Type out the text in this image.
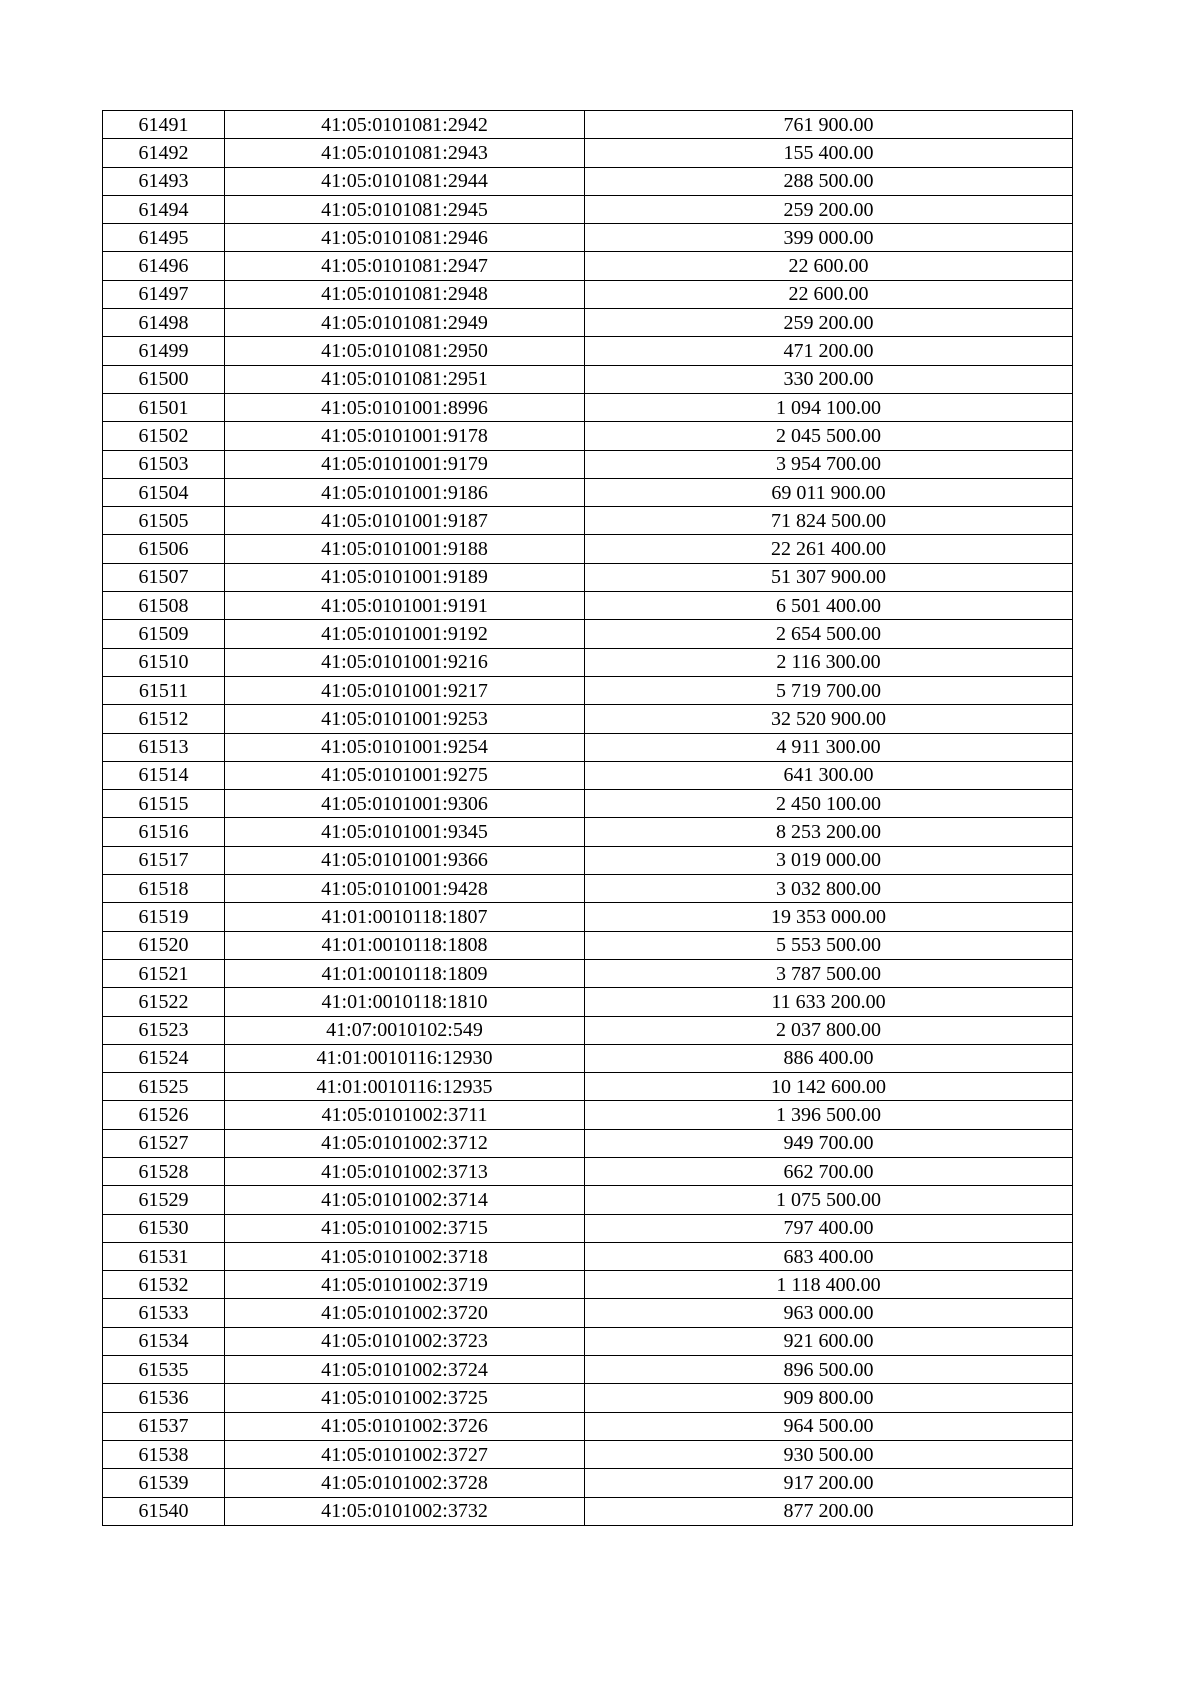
61491	41:05:0101081:2942	761 900.00
61492	41:05:0101081:2943	155 400.00
61493	41:05:0101081:2944	288 500.00
61494	41:05:0101081:2945	259 200.00
61495	41:05:0101081:2946	399 000.00
61496	41:05:0101081:2947	22 600.00
61497	41:05:0101081:2948	22 600.00
61498	41:05:0101081:2949	259 200.00
61499	41:05:0101081:2950	471 200.00
61500	41:05:0101081:2951	330 200.00
61501	41:05:0101001:8996	1 094 100.00
61502	41:05:0101001:9178	2 045 500.00
61503	41:05:0101001:9179	3 954 700.00
61504	41:05:0101001:9186	69 011 900.00
61505	41:05:0101001:9187	71 824 500.00
61506	41:05:0101001:9188	22 261 400.00
61507	41:05:0101001:9189	51 307 900.00
61508	41:05:0101001:9191	6 501 400.00
61509	41:05:0101001:9192	2 654 500.00
61510	41:05:0101001:9216	2 116 300.00
61511	41:05:0101001:9217	5 719 700.00
61512	41:05:0101001:9253	32 520 900.00
61513	41:05:0101001:9254	4 911 300.00
61514	41:05:0101001:9275	641 300.00
61515	41:05:0101001:9306	2 450 100.00
61516	41:05:0101001:9345	8 253 200.00
61517	41:05:0101001:9366	3 019 000.00
61518	41:05:0101001:9428	3 032 800.00
61519	41:01:0010118:1807	19 353 000.00
61520	41:01:0010118:1808	5 553 500.00
61521	41:01:0010118:1809	3 787 500.00
61522	41:01:0010118:1810	11 633 200.00
61523	41:07:0010102:549	2 037 800.00
61524	41:01:0010116:12930	886 400.00
61525	41:01:0010116:12935	10 142 600.00
61526	41:05:0101002:3711	1 396 500.00
61527	41:05:0101002:3712	949 700.00
61528	41:05:0101002:3713	662 700.00
61529	41:05:0101002:3714	1 075 500.00
61530	41:05:0101002:3715	797 400.00
61531	41:05:0101002:3718	683 400.00
61532	41:05:0101002:3719	1 118 400.00
61533	41:05:0101002:3720	963 000.00
61534	41:05:0101002:3723	921 600.00
61535	41:05:0101002:3724	896 500.00
61536	41:05:0101002:3725	909 800.00
61537	41:05:0101002:3726	964 500.00
61538	41:05:0101002:3727	930 500.00
61539	41:05:0101002:3728	917 200.00
61540	41:05:0101002:3732	877 200.00
